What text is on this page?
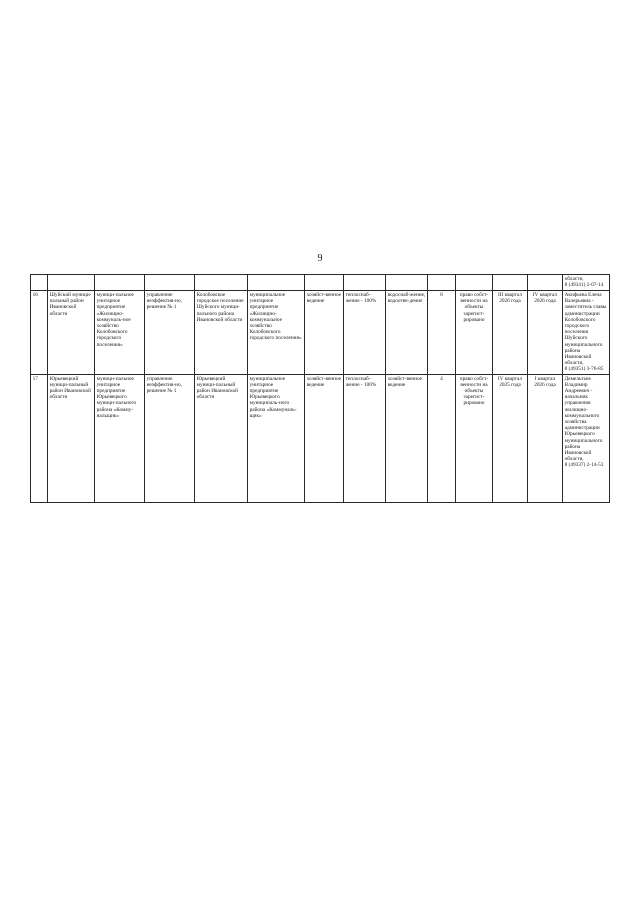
9
													области,
8 (49341) 2-07-14
16	Шуйский муници-пальный район Ивановской области	муници-пальное унитарное предприятие «Жилищно-коммуналь-ное хозяйство Колобовского городского поселения»	управление неэффектив-но, решение № 1	Колобовское городское поселение Шуйского муници-пального района Ивановской области	муниципальное унитарное предприятие «Жилищно-коммунальное хозяйство Колобовского городского поселения»	хозяйст-венное ведение	теплоснаб-жение - 100%	водоснаб-жение, водоотве-дение	8	право собст-венности на объекты зарегист-рировано	III квартал 2026 года	IV квартал 2026 года	Акифьева Елена Валерьевна - заместитель главы администрации Колобовского городского поселения Шуйского муниципального района Ивановской области,
8 (49351) 3-76-85
17	Юрьевецкий муници-пальный район Ивановской области	муници-пальное унитарное предприятие Юрьевецкого муници-пального района «Комму-нальщик»	управление неэффектив-но, решение № 1	Юрьевецкий муници-пальный район Ивановской области	муниципальное унитарное предприятие Юрьевецкого муниципаль-ного района «Коммуналь-щик»	хозяйст-венное ведение	теплоснаб-жение - 100%	хозяйст-венное ведение	4	право собст-венности на объекты зарегист-рировано	IV квартал 2025 года	I квартал 2026 года	Демельтьев Владимир Андреевич - начальник управления жилищно-коммунального хозяйства администрации Юрьевецкого муниципального района Ивановской области,
8 (49337) 2-14-53
